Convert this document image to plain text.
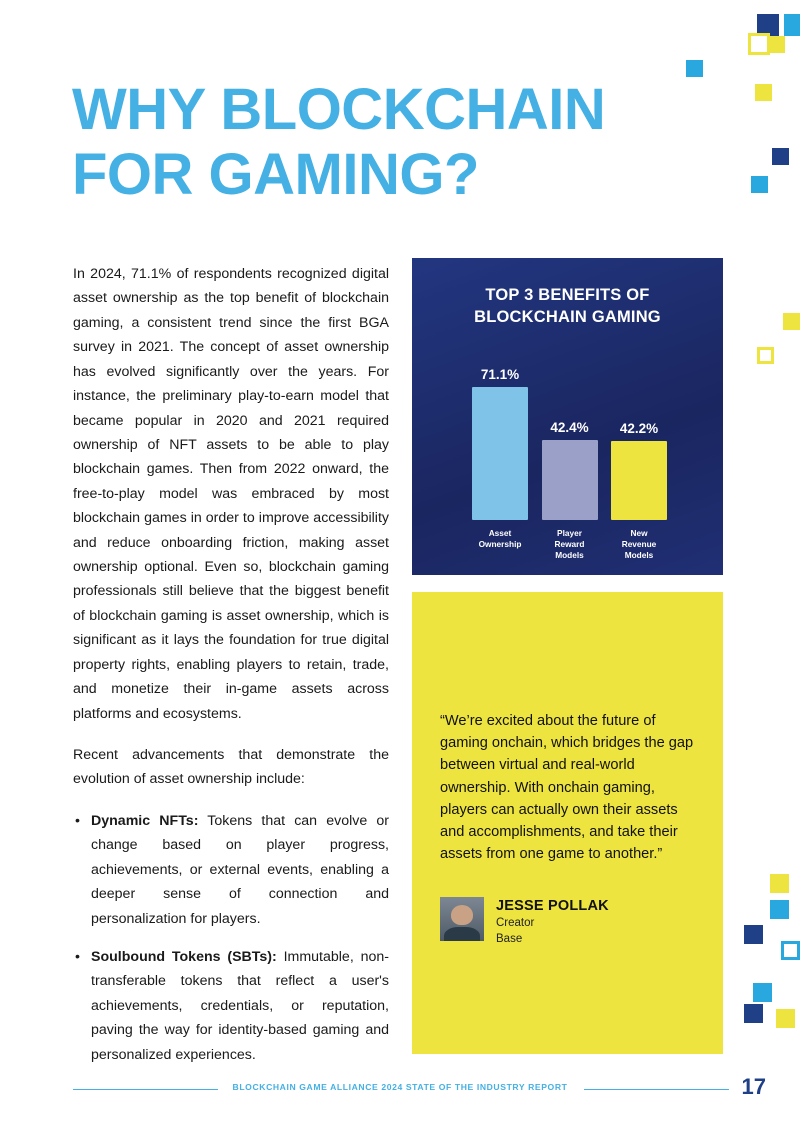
WHY BLOCKCHAIN FOR GAMING?
In 2024, 71.1% of respondents recognized digital asset ownership as the top benefit of blockchain gaming, a consistent trend since the first BGA survey in 2021. The concept of asset ownership has evolved significantly over the years. For instance, the preliminary play-to-earn model that became popular in 2020 and 2021 required ownership of NFT assets to be able to play blockchain games. Then from 2022 onward, the free-to-play model was embraced by most blockchain games in order to improve accessibility and reduce onboarding friction, making asset ownership optional. Even so, blockchain gaming professionals still believe that the biggest benefit of blockchain gaming is asset ownership, which is significant as it lays the foundation for true digital property rights, enabling players to retain, trade, and monetize their in-game assets across platforms and ecosystems.
Recent advancements that demonstrate the evolution of asset ownership include:
• Dynamic NFTs: Tokens that can evolve or change based on player progress, achievements, or external events, enabling a deeper sense of connection and personalization for players.
• Soulbound Tokens (SBTs): Immutable, non-transferable tokens that reflect a user's achievements, credentials, or reputation, paving the way for identity-based gaming and personalized experiences.
TOP 3 BENEFITS OF
BLOCKCHAIN GAMING
71.1%
42.4%	42.2%
Asset
Ownership
Player
Reward
Models
New
Revenue
Models
“We’re excited about the future of gaming onchain, which bridges the gap between virtual and real-world ownership. With onchain gaming, players can actually own their assets and accomplishments, and take their assets from one game to another.”
JESSE POLLAK
Creator
Base
BLOCKCHAIN GAME ALLIANCE 2024 STATE OF THE INDUSTRY REPORT	17
